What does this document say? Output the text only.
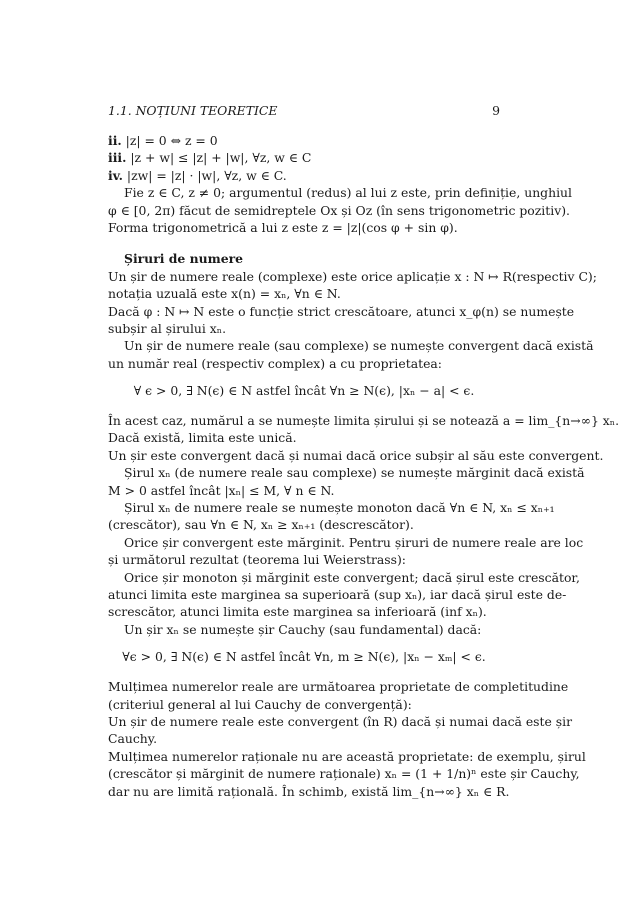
1.1. NOȚIUNI TEORETICE	9
ii. |z| = 0 ⇔ z = 0
iii. |z + w| ≤ |z| + |w|, ∀z, w ∈ C
iv. |zw| = |z| · |w|, ∀z, w ∈ C.
Fie z ∈ C, z ≠ 0; argumentul (redus) al lui z este, prin definiție, unghiul
φ ∈ [0, 2π) făcut de semidreptele Ox și Oz (în sens trigonometric pozitiv).
Forma trigonometrică a lui z este z = |z|(cos φ + sin φ).
Șiruri de numere
Un șir de numere reale (complexe) este orice aplicație x : N ↦ R(respectiv C);
notația uzuală este x(n) = xₙ, ∀n ∈ N.
Dacă φ : N ↦ N este o funcție strict crescătoare, atunci x_φ(n) se numește
subșir al șirului xₙ.
Un șir de numere reale (sau complexe) se numește convergent dacă există
un număr real (respectiv complex) a cu proprietatea:
∀ ϵ > 0, ∃ N(ϵ) ∈ N astfel încât ∀n ≥ N(ϵ), |xₙ − a| < ϵ.
În acest caz, numărul a se numește limita șirului și se notează a = lim_{n→∞} xₙ.
Dacă există, limita este unică.
Un șir este convergent dacă și numai dacă orice subșir al său este convergent.
Șirul xₙ (de numere reale sau complexe) se numește mărginit dacă există
M > 0 astfel încât |xₙ| ≤ M, ∀ n ∈ N.
Șirul xₙ de numere reale se numește monoton dacă ∀n ∈ N, xₙ ≤ xₙ₊₁
(crescător), sau ∀n ∈ N, xₙ ≥ xₙ₊₁ (descrescător).
Orice șir convergent este mărginit. Pentru șiruri de numere reale are loc
și următorul rezultat (teorema lui Weierstrass):
Orice șir monoton și mărginit este convergent; dacă șirul este crescător,
atunci limita este marginea sa superioară (sup xₙ), iar dacă șirul este de-
screscător, atunci limita este marginea sa inferioară (inf xₙ).
Un șir xₙ se numește șir Cauchy (sau fundamental) dacă:
∀ϵ > 0, ∃ N(ϵ) ∈ N astfel încât ∀n, m ≥ N(ϵ), |xₙ − xₘ| < ϵ.
Mulțimea numerelor reale are următoarea proprietate de completitudine
(criteriul general al lui Cauchy de convergență):
Un șir de numere reale este convergent (în R) dacă și numai dacă este șir
Cauchy.
Mulțimea numerelor raționale nu are această proprietate: de exemplu, șirul
(crescător și mărginit de numere raționale) xₙ = (1 + 1/n)ⁿ este șir Cauchy,
dar nu are limită rațională. În schimb, există lim_{n→∞} xₙ ∈ R.
